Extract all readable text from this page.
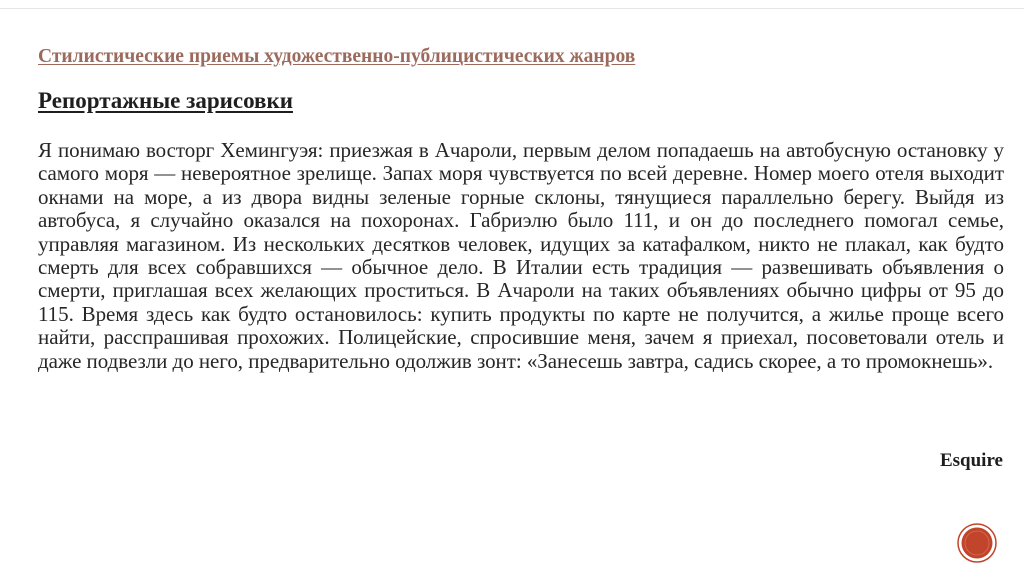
Стилистические приемы художественно-публицистических жанров
Репортажные зарисовки

Я понимаю восторг Хемингуэя: приезжая в Ачароли, первым делом попадаешь на автобусную остановку у самого моря — невероятное зрелище. Запах моря чувствуется по всей деревне. Номер моего отеля выходит окнами на море, а из двора видны зеленые горные склоны, тянущиеся параллельно берегу. Выйдя из автобуса, я случайно оказался на похоронах. Габриэлю было 111, и он до последнего помогал семье, управляя магазином. Из нескольких десятков человек, идущих за катафалком, никто не плакал, как будто смерть для всех собравшихся — обычное дело. В Италии есть традиция — развешивать объявления о смерти, приглашая всех желающих проститься. В Ачароли на таких объявлениях обычно цифры от 95 до 115. Время здесь как будто остановилось: купить продукты по карте не получится, а жилье проще всего найти, расспрашивая прохожих. Полицейские, спросившие меня, зачем я приехал, посоветовали отель и даже подвезли до него, предварительно одолжив зонт: «Занесешь завтра, садись скорее, а то промокнешь».

Esquire
